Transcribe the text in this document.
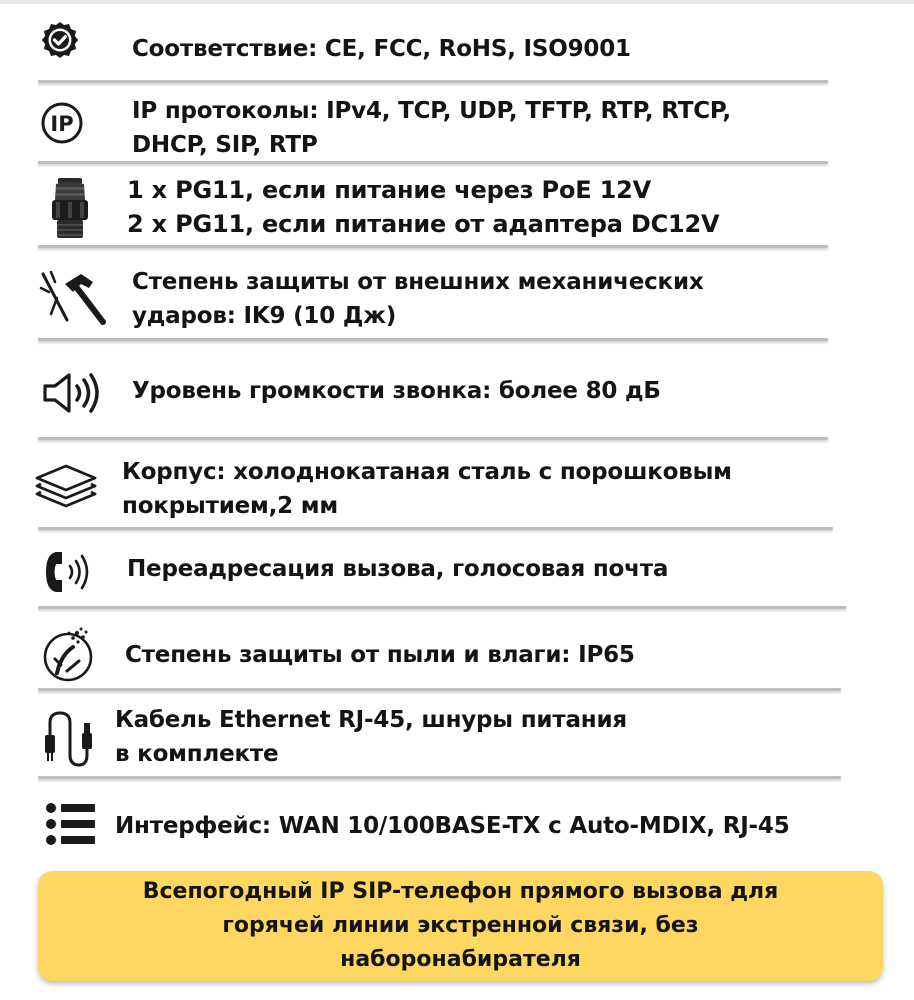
Соответствие: CE, FCC, RoHS, ISO9001

IP	IP протоколы: IPv4, TCP, UDP, TFTP, RTP, RTCP,
DHCP, SIP, RTP

1 x PG11, если питание через PoE 12V
2 x PG11, если питание от адаптера DC12V

Степень защиты от внешних механических
ударов: IK9 (10 Дж)

Уровень громкости звонка: более 80 дБ

Корпус: холоднокатаная сталь с порошковым
покрытием,2 мм

Переадресация вызова, голосовая почта

Степень защиты от пыли и влаги: IP65

Кабель Ethernet RJ-45, шнуры питания
в комплекте

Интерфейс: WAN 10/100BASE-TX с Auto-MDIX, RJ-45

Всепогодный IP SIP-телефон прямого вызова для
горячей линии экстренной связи, без
наборонабирателя
